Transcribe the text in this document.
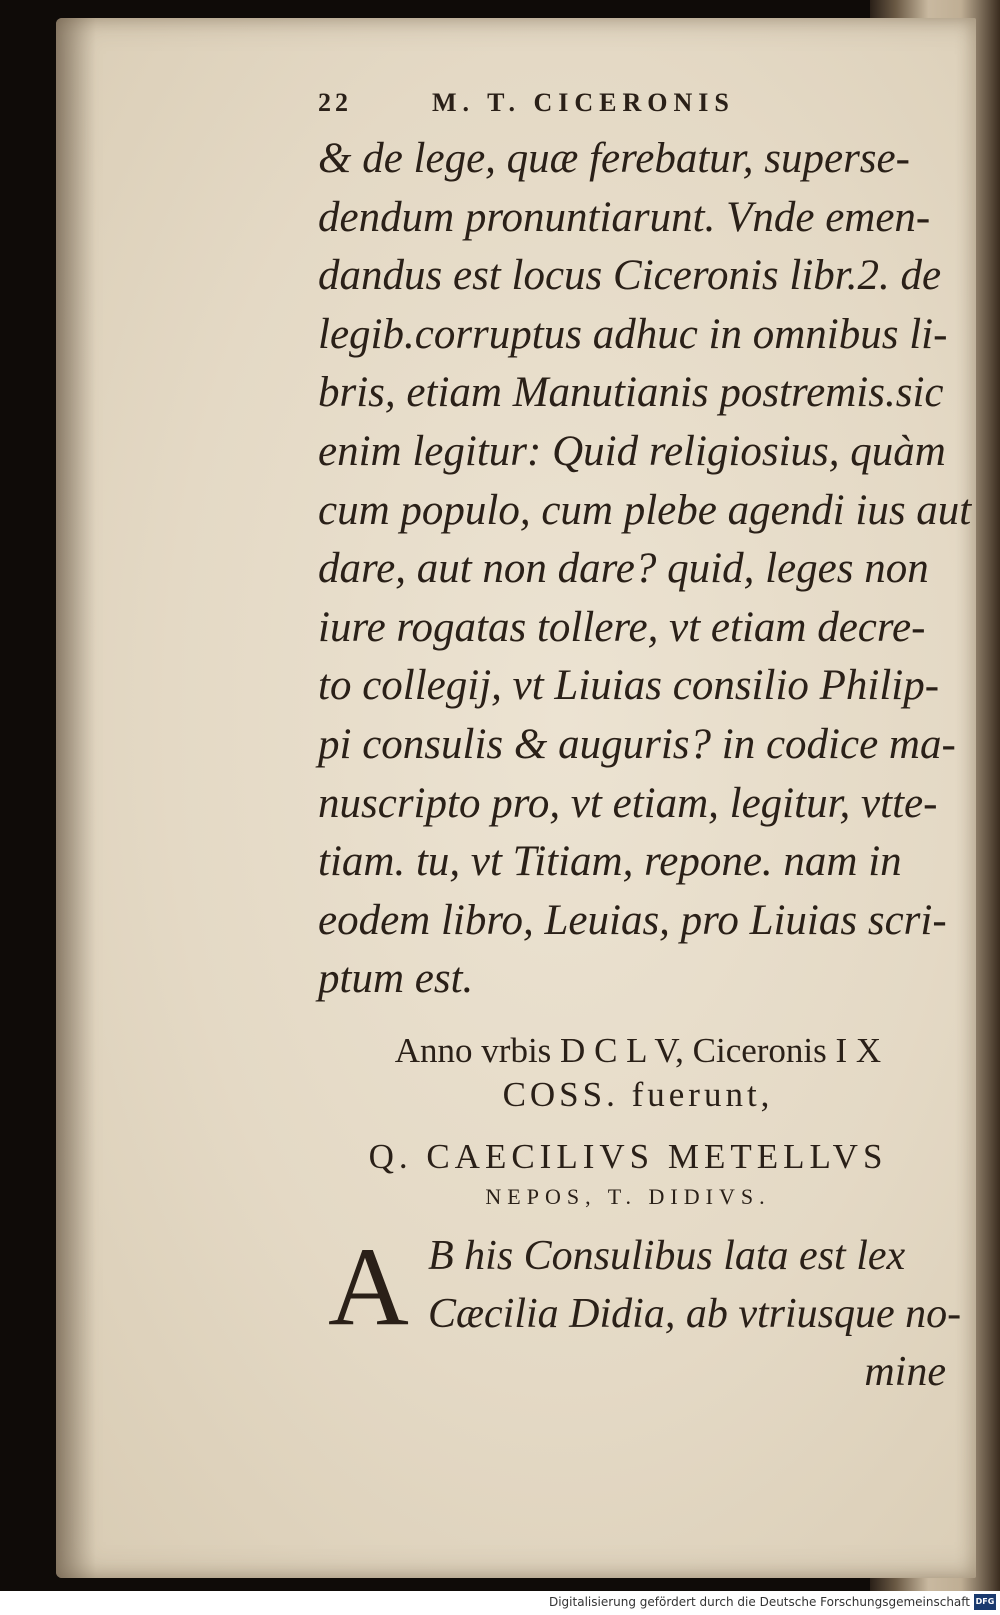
22	M. T. CICERONIS
& de lege, quæ ferebatur, superse-
dendum pronuntiarunt. Vnde emen-
dandus est locus Ciceronis libr.2. de
legib.corruptus adhuc in omnibus li-
bris, etiam Manutianis postremis.sic
enim legitur: Quid religiosius, quàm
cum populo, cum plebe agendi ius aut
dare, aut non dare? quid, leges non
iure rogatas tollere, vt etiam decre-
to collegij, vt Liuias consilio Philip-
pi consulis & auguris? in codice ma-
nuscripto pro, vt etiam, legitur, vtte-
tiam. tu, vt Titiam, repone. nam in
eodem libro, Leuias, pro Liuias scri-
ptum est.
Anno vrbis D C L V, Ciceronis I X
COSS. fuerunt,
Q. CAECILIVS METELLVS
NEPOS, T. DIDIVS.
A B his Consulibus lata est lex
Cæcilia Didia, ab vtriusque no-
mine
Digitalisierung gefördert durch die Deutsche Forschungsgemeinschaft DFG
